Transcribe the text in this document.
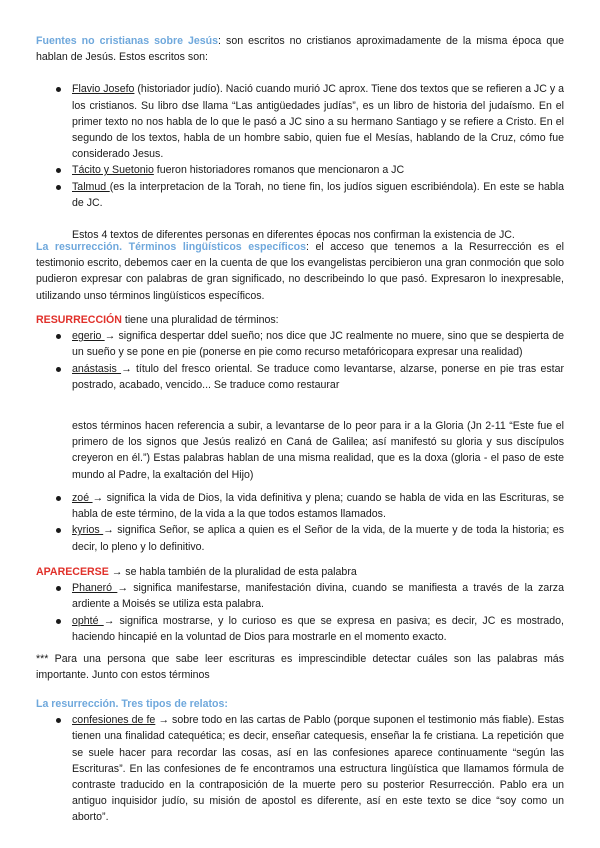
Fuentes no cristianas sobre Jesús: son escritos no cristianos aproximadamente de la misma época que hablan de Jesús. Estos escritos son:

Flavio Josefo (historiador judío). Nació cuando murió JC aprox. Tiene dos textos que se refieren a JC y a los cristianos. Su libro dse llama “Las antigüedades judías”, es un libro de historia del judaísmo. En el primer texto no nos habla de lo que le pasó a JC sino a su hermano Santiago y se refiere a Cristo. En el segundo de los textos, habla de un hombre sabio, quien fue el Mesías, hablando de la Cruz, cómo fue considerado Jesus.
Tácito y Suetonio fueron historiadores romanos que mencionaron a JC
Talmud (es la interpretacion de la Torah, no tiene fin, los judíos siguen escribiéndola). En este se habla de JC.

Estos 4 textos de diferentes personas en diferentes épocas nos confirman la existencia de JC.

La resurrección. Términos lingüísticos específicos: el acceso que tenemos a la Resurrección es el testimonio escrito, debemos caer en la cuenta de que los evangelistas percibieron una gran conmoción que solo pudieron expresar con palabras de gran significado, no describeindo lo que pasó. Expresaron lo inexpresable, utilizando unso términos lingüísticos específicos.

RESURRECCIÓN tiene una pluralidad de términos:

egerio → significa despertar ddel sueño; nos dice que JC realmente no muere, sino que se despierta de un sueño y se pone en pie (ponerse en pie como recurso metafóricopara expresar una realidad)
anástasis → título del fresco oriental. Se traduce como levantarse, alzarse, ponerse en pie tras estar postrado, acabado, vencido... Se traduce como restaurar

estos términos hacen referencia a subir, a levantarse de lo peor para ir a la Gloria (Jn 2-11 “Este fue el primero de los signos que Jesús realizó en Caná de Galilea; así manifestó su gloria y sus discípulos creyeron en él.”) Estas palabras hablan de una misma realidad, que es la doxa (gloria - el paso de este mundo al Padre, la exaltación del Hijo)

zoé → significa la vida de Dios, la vida definitiva y plena; cuando se habla de vida en las Escrituras, se habla de este término, de la vida a la que todos estamos llamados.
kyrios → significa Señor, se aplica a quien es el Señor de la vida, de la muerte y de toda la historia; es decir, lo pleno y lo definitivo.

APARECERSE → se habla también de la pluralidad de esta palabra

Phaneró → significa manifestarse, manifestación divina, cuando se manifiesta a través de la zarza ardiente a Moisés se utiliza esta palabra.
ophté → significa mostrarse, y lo curioso es que se expresa en pasiva; es decir, JC es mostrado, haciendo hincapié en la voluntad de Dios para mostrarle en el momento exacto.

*** Para una persona que sabe leer escrituras es imprescindible detectar cuáles son las palabras más importante. Junto con estos términos

La resurrección. Tres tipos de relatos:

confesiones de fe → sobre todo en las cartas de Pablo (porque suponen el testimonio más fiable). Estas tienen una finalidad catequética; es decir, enseñar catequesis, enseñar la fe cristiana. La repetición que se suele hacer para recordar las cosas, así en las confesiones aparece continuamente “según las Escrituras”. En las confesiones de fe encontramos una estructura lingüística que llamamos fórmula de contraste traducido en la contraposición de la muerte pero su posterior Resurrección. Pablo era un antiguo inquisidor judío, su misión de apostol es diferente, así en este texto se dice “soy como un aborto”.
